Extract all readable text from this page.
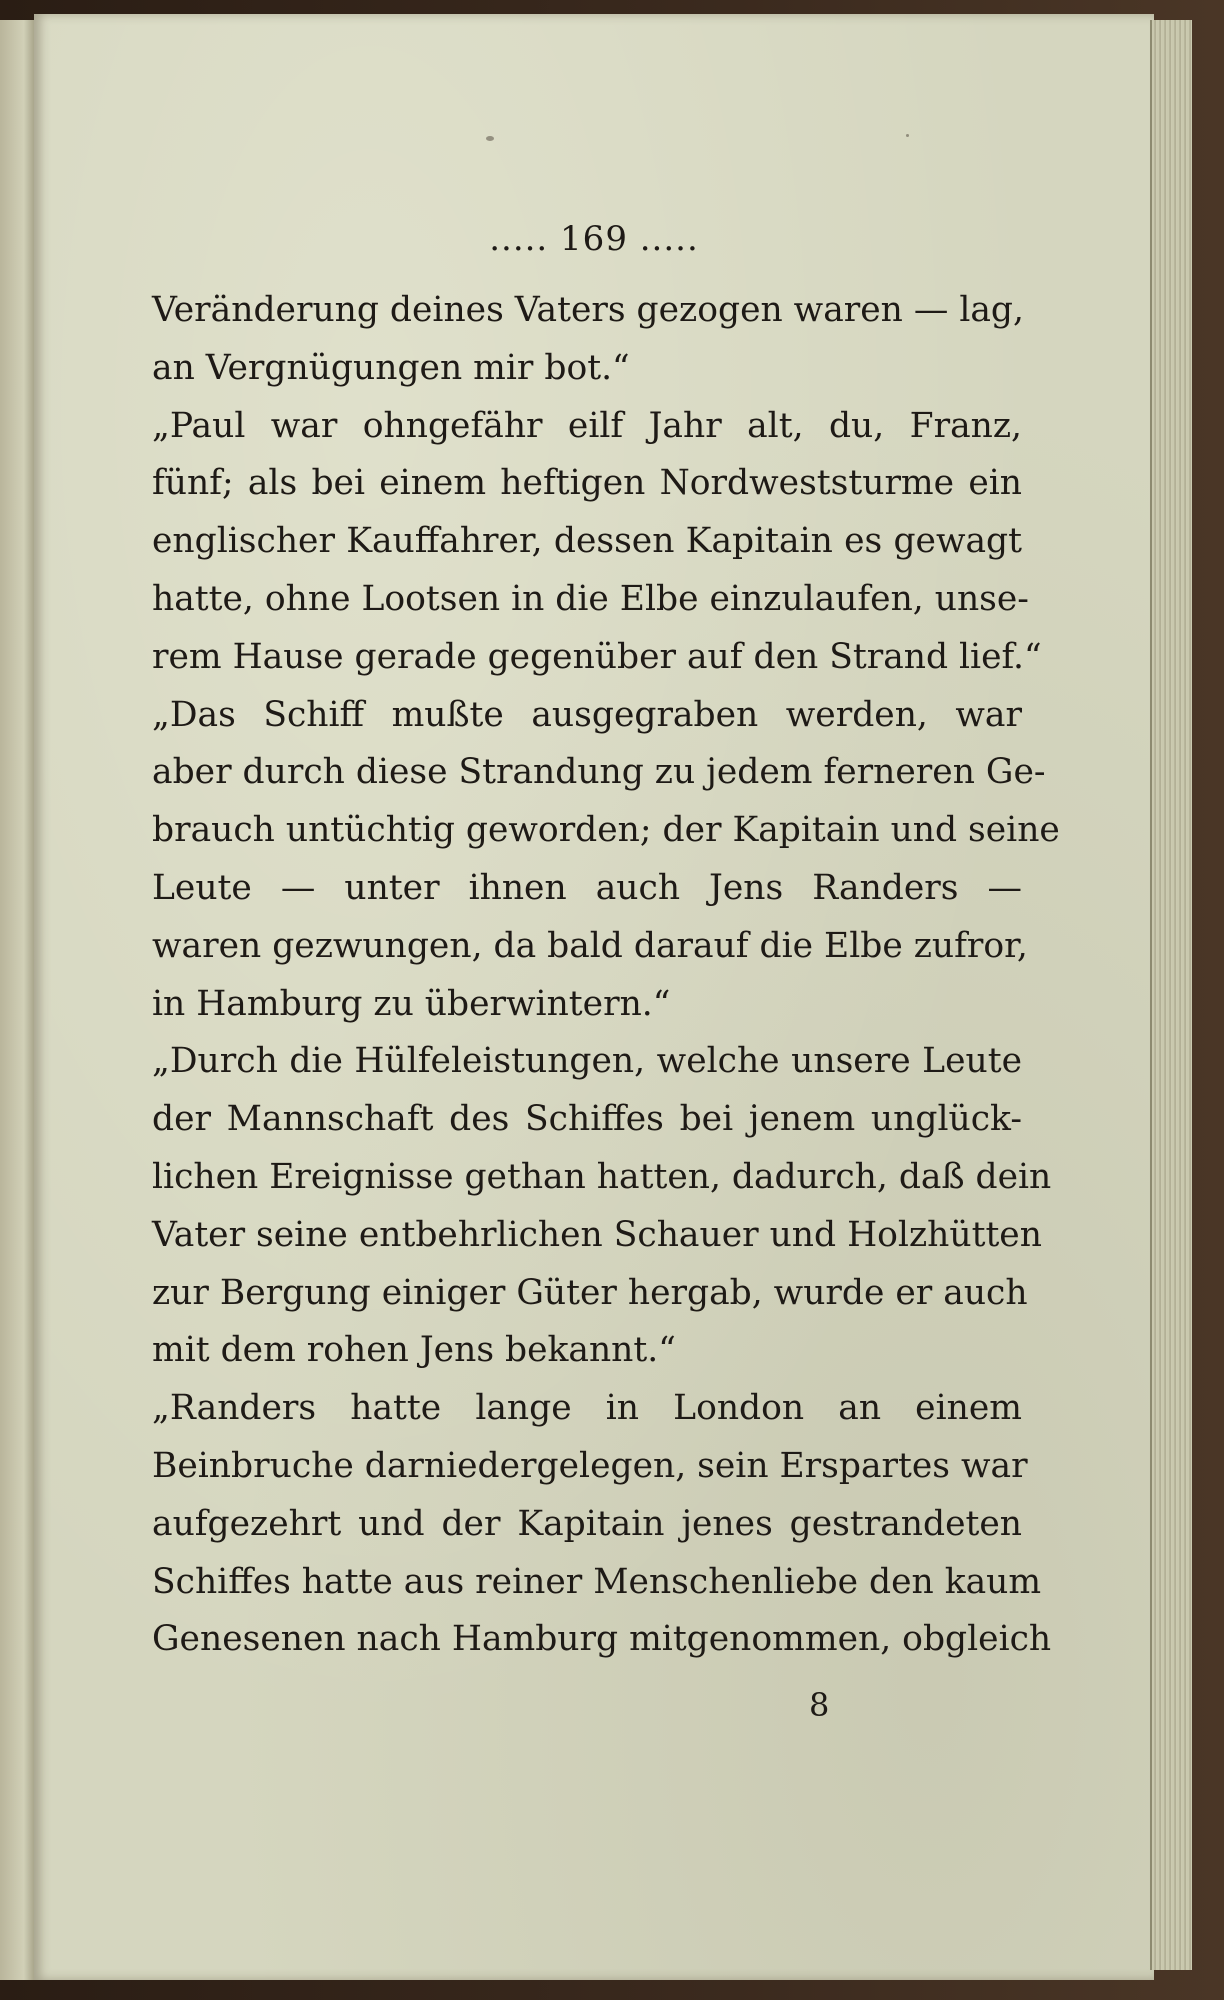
..... 169 .....
Veränderung deines Vaters gezogen waren — lag,
an Vergnügungen mir bot.“
„Paul war ohngefähr eilf Jahr alt, du, Franz,
fünf; als bei einem heftigen Nordweststurme ein
englischer Kauffahrer, dessen Kapitain es gewagt
hatte, ohne Lootsen in die Elbe einzulaufen, unse-
rem Hause gerade gegenüber auf den Strand lief.“
„Das Schiff mußte ausgegraben werden, war
aber durch diese Strandung zu jedem ferneren Ge-
brauch untüchtig geworden; der Kapitain und seine
Leute — unter ihnen auch Jens Randers —
waren gezwungen, da bald darauf die Elbe zufror,
in Hamburg zu überwintern.“
„Durch die Hülfeleistungen, welche unsere Leute
der Mannschaft des Schiffes bei jenem unglück-
lichen Ereignisse gethan hatten, dadurch, daß dein
Vater seine entbehrlichen Schauer und Holzhütten
zur Bergung einiger Güter hergab, wurde er auch
mit dem rohen Jens bekannt.“
„Randers hatte lange in London an einem
Beinbruche darniedergelegen, sein Erspartes war
aufgezehrt und der Kapitain jenes gestrandeten
Schiffes hatte aus reiner Menschenliebe den kaum
Genesenen nach Hamburg mitgenommen, obgleich
8
